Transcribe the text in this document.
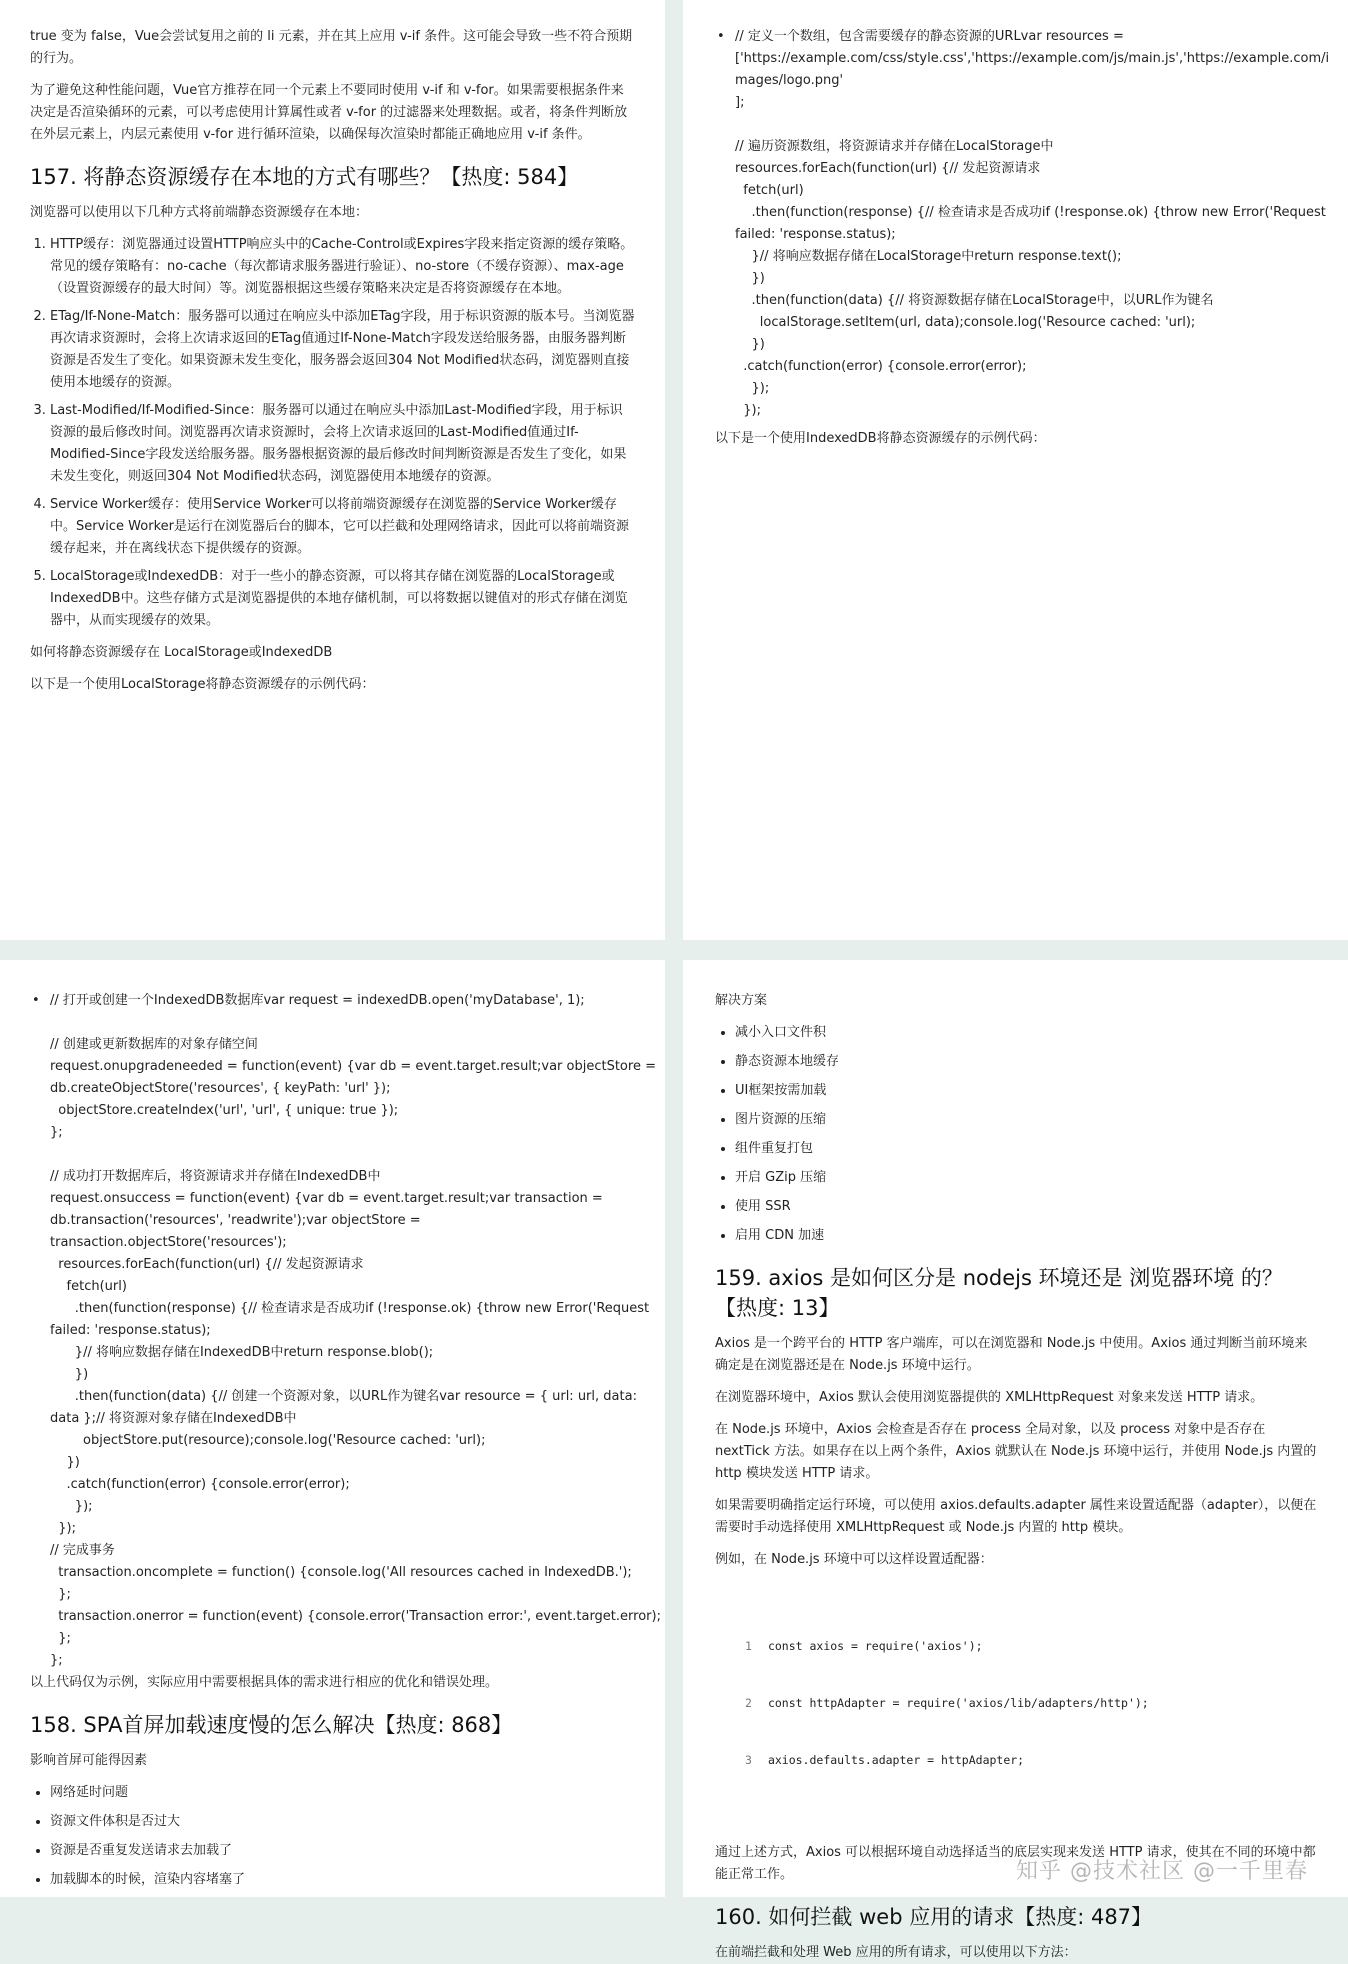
true 变为 false，Vue会尝试复用之前的 li 元素，并在其上应用 v-if 条件。这可能会导致一些不符合预期的行为。

为了避免这种性能问题，Vue官方推荐在同一个元素上不要同时使用 v-if 和 v-for。如果需要根据条件来决定是否渲染循环的元素，可以考虑使用计算属性或者 v-for 的过滤器来处理数据。或者，将条件判断放在外层元素上，内层元素使用 v-for 进行循环渲染，以确保每次渲染时都能正确地应用 v-if 条件。

157. 将静态资源缓存在本地的方式有哪些？【热度: 584】

浏览器可以使用以下几种方式将前端静态资源缓存在本地：

1. HTTP缓存：浏览器通过设置HTTP响应头中的Cache-Control或Expires字段来指定资源的缓存策略。常见的缓存策略有：no-cache（每次都请求服务器进行验证）、no-store（不缓存资源）、max-age（设置资源缓存的最大时间）等。浏览器根据这些缓存策略来决定是否将资源缓存在本地。
2. ETag/If-None-Match：服务器可以通过在响应头中添加ETag字段，用于标识资源的版本号。当浏览器再次请求资源时，会将上次请求返回的ETag值通过If-None-Match字段发送给服务器，由服务器判断资源是否发生了变化。如果资源未发生变化，服务器会返回304 Not Modified状态码，浏览器则直接使用本地缓存的资源。
3. Last-Modified/If-Modified-Since：服务器可以通过在响应头中添加Last-Modified字段，用于标识资源的最后修改时间。浏览器再次请求资源时，会将上次请求返回的Last-Modified值通过If-Modified-Since字段发送给服务器。服务器根据资源的最后修改时间判断资源是否发生了变化，如果未发生变化，则返回304 Not Modified状态码，浏览器使用本地缓存的资源。
4. Service Worker缓存：使用Service Worker可以将前端资源缓存在浏览器的Service Worker缓存中。Service Worker是运行在浏览器后台的脚本，它可以拦截和处理网络请求，因此可以将前端资源缓存起来，并在离线状态下提供缓存的资源。
5. LocalStorage或IndexedDB：对于一些小的静态资源，可以将其存储在浏览器的LocalStorage或IndexedDB中。这些存储方式是浏览器提供的本地存储机制，可以将数据以键值对的形式存储在浏览器中，从而实现缓存的效果。

如何将静态资源缓存在 LocalStorage或IndexedDB

以下是一个使用LocalStorage将静态资源缓存的示例代码：

• // 定义一个数组，包含需要缓存的静态资源的URLvar resources =
['https://example.com/css/style.css','https://example.com/js/main.js','https://example.com/i
mages/logo.png'
];

// 遍历资源数组，将资源请求并存储在LocalStorage中
resources.forEach(function(url) {// 发起资源请求
fetch(url)
.then(function(response) {// 检查请求是否成功if (!response.ok) {throw new Error('Request
failed: 'response.status);
}// 将响应数据存储在LocalStorage中return response.text();
})
.then(function(data) {// 将资源数据存储在LocalStorage中，以URL作为键名
localStorage.setItem(url, data);console.log('Resource cached: 'url);
})
.catch(function(error) {console.error(error);
});
});

以下是一个使用IndexedDB将静态资源缓存的示例代码：

• // 打开或创建一个IndexedDB数据库var request = indexedDB.open('myDatabase', 1);

// 创建或更新数据库的对象存储空间
request.onupgradeneeded = function(event) {var db = event.target.result;var objectStore =
db.createObjectStore('resources', { keyPath: 'url' });
objectStore.createIndex('url', 'url', { unique: true });
};

// 成功打开数据库后，将资源请求并存储在IndexedDB中
request.onsuccess = function(event) {var db = event.target.result;var transaction =
db.transaction('resources', 'readwrite');var objectStore =
transaction.objectStore('resources');
resources.forEach(function(url) {// 发起资源请求
fetch(url)
.then(function(response) {// 检查请求是否成功if (!response.ok) {throw new Error('Request
failed: 'response.status);
}// 将响应数据存储在IndexedDB中return response.blob();
})
.then(function(data) {// 创建一个资源对象，以URL作为键名var resource = { url: url, data:
data };// 将资源对象存储在IndexedDB中
objectStore.put(resource);console.log('Resource cached: 'url);
})
.catch(function(error) {console.error(error);
});
});
// 完成事务
transaction.oncomplete = function() {console.log('All resources cached in IndexedDB.');
};
transaction.onerror = function(event) {console.error('Transaction error:', event.target.error);
};
};

以上代码仅为示例，实际应用中需要根据具体的需求进行相应的优化和错误处理。

158. SPA首屏加载速度慢的怎么解决【热度: 868】

影响首屏可能得因素

• 网络延时问题
• 资源文件体积是否过大
• 资源是否重复发送请求去加载了
• 加载脚本的时候，渲染内容堵塞了

解决方案

• 减小入口文件积
• 静态资源本地缓存
• UI框架按需加载
• 图片资源的压缩
• 组件重复打包
• 开启 GZip 压缩
• 使用 SSR
• 启用 CDN 加速
159. axios 是如何区分是 nodejs 环境还是 浏览器环境 的？【热度: 13】

Axios 是一个跨平台的 HTTP 客户端库，可以在浏览器和 Node.js 中使用。Axios 通过判断当前环境来确定是在浏览器还是在 Node.js 环境中运行。

在浏览器环境中，Axios 默认会使用浏览器提供的 XMLHttpRequest 对象来发送 HTTP 请求。

在 Node.js 环境中，Axios 会检查是否存在 process 全局对象，以及 process 对象中是否存在 nextTick 方法。如果存在以上两个条件，Axios 就默认在 Node.js 环境中运行，并使用 Node.js 内置的 http 模块发送 HTTP 请求。

如果需要明确指定运行环境，可以使用 axios.defaults.adapter 属性来设置适配器（adapter），以便在需要时手动选择使用 XMLHttpRequest 或 Node.js 内置的 http 模块。

例如，在 Node.js 环境中可以这样设置适配器：

1 const axios = require('axios');

2 const httpAdapter = require('axios/lib/adapters/http');

3 axios.defaults.adapter = httpAdapter;

通过上述方式，Axios 可以根据环境自动选择适当的底层实现来发送 HTTP 请求，使其在不同的环境中都能正常工作。

160. 如何拦截 web 应用的请求【热度: 487】

在前端拦截和处理 Web 应用的所有请求，可以使用以下方法：

知乎 @技术社区 @一千里春
